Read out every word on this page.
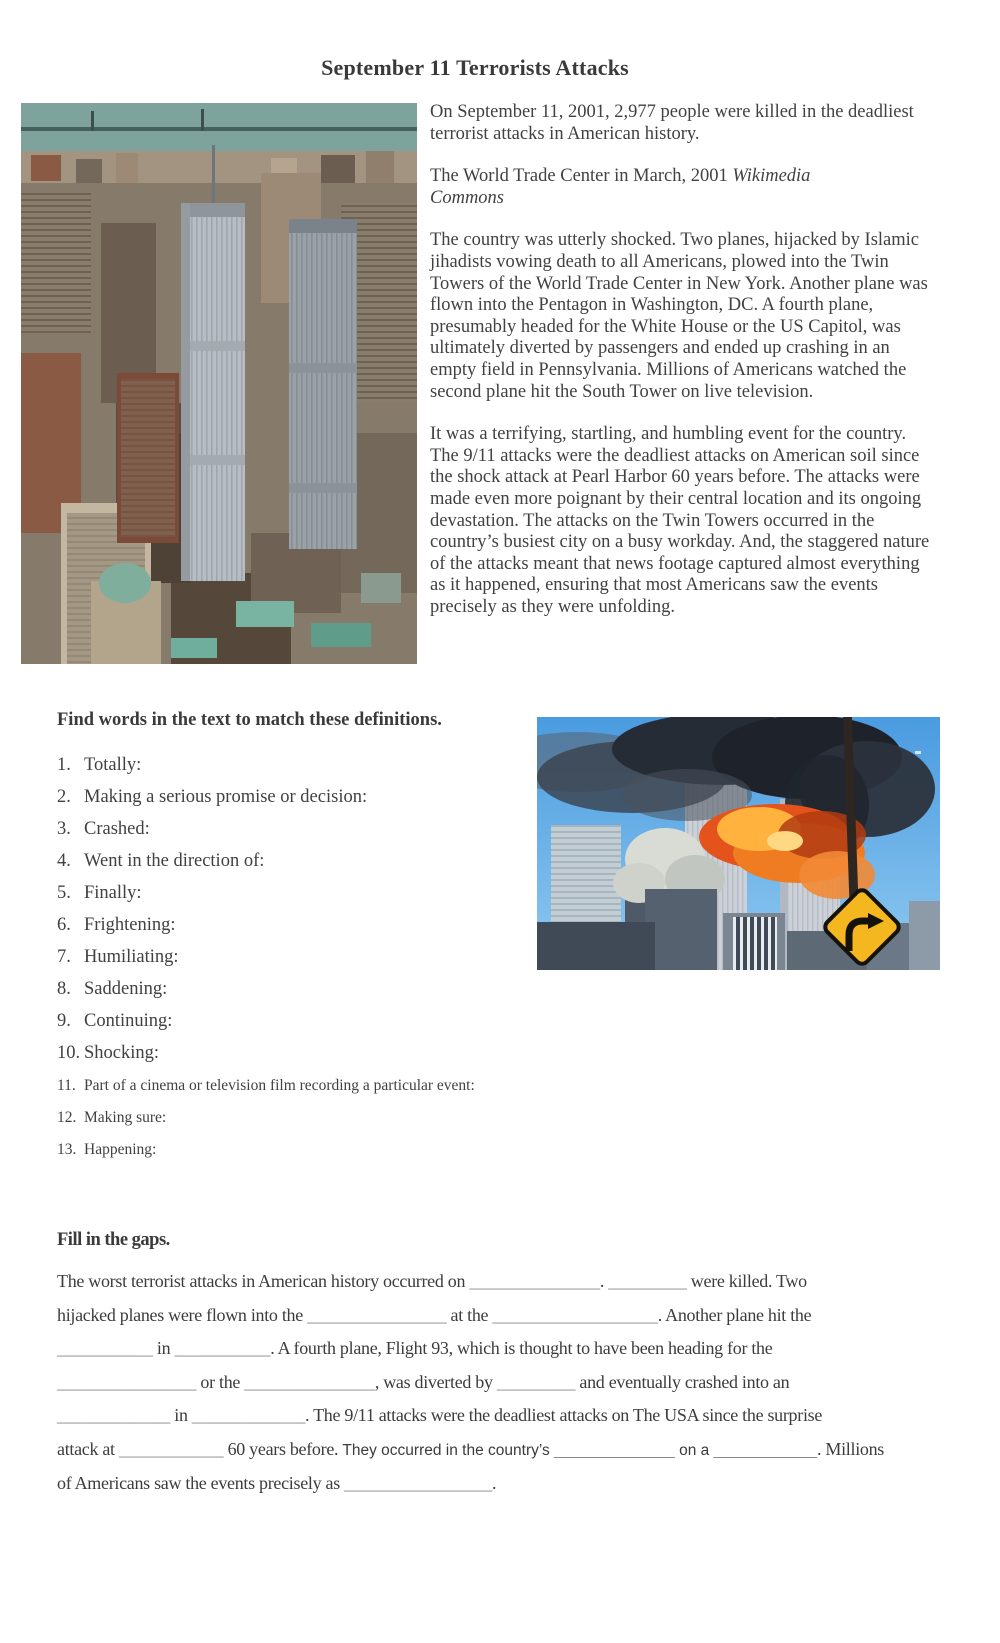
September 11 Terrorists Attacks

On September 11, 2001, 2,977 people were killed in the deadliest terrorist attacks in American history.

The World Trade Center in March, 2001 Wikimedia Commons

The country was utterly shocked. Two planes, hijacked by Islamic jihadists vowing death to all Americans, plowed into the Twin Towers of the World Trade Center in New York. Another plane was flown into the Pentagon in Washington, DC. A fourth plane, presumably headed for the White House or the US Capitol, was ultimately diverted by passengers and ended up crashing in an empty field in Pennsylvania. Millions of Americans watched the second plane hit the South Tower on live television.

It was a terrifying, startling, and humbling event for the country. The 9/11 attacks were the deadliest attacks on American soil since the shock attack at Pearl Harbor 60 years before. The attacks were made even more poignant by their central location and its ongoing devastation. The attacks on the Twin Towers occurred in the country’s busiest city on a busy workday. And, the staggered nature of the attacks meant that news footage captured almost everything as it happened, ensuring that most Americans saw the events precisely as they were unfolding.

Find words in the text to match these definitions.
1. Totally:
2. Making a serious promise or decision:
3. Crashed:
4. Went in the direction of:
5. Finally:
6. Frightening:
7. Humiliating:
8. Saddening:
9. Continuing:
10. Shocking:
11. Part of a cinema or television film recording a particular event:
12. Making sure:
13. Happening:
Fill in the gaps.
The worst terrorist attacks in American history occurred on _______________. _________ were killed. Two
hijacked planes were flown into the ________________ at the ___________________. Another plane hit the
___________ in ___________. A fourth plane, Flight 93, which is thought to have been heading for the
________________ or the _______________, was diverted by _________ and eventually crashed into an
_____________ in _____________. The 9/11 attacks were the deadliest attacks on The USA since the surprise
attack at ____________ 60 years before. They occurred in the country’s ______________ on a ____________. Millions
of Americans saw the events precisely as _________________.
